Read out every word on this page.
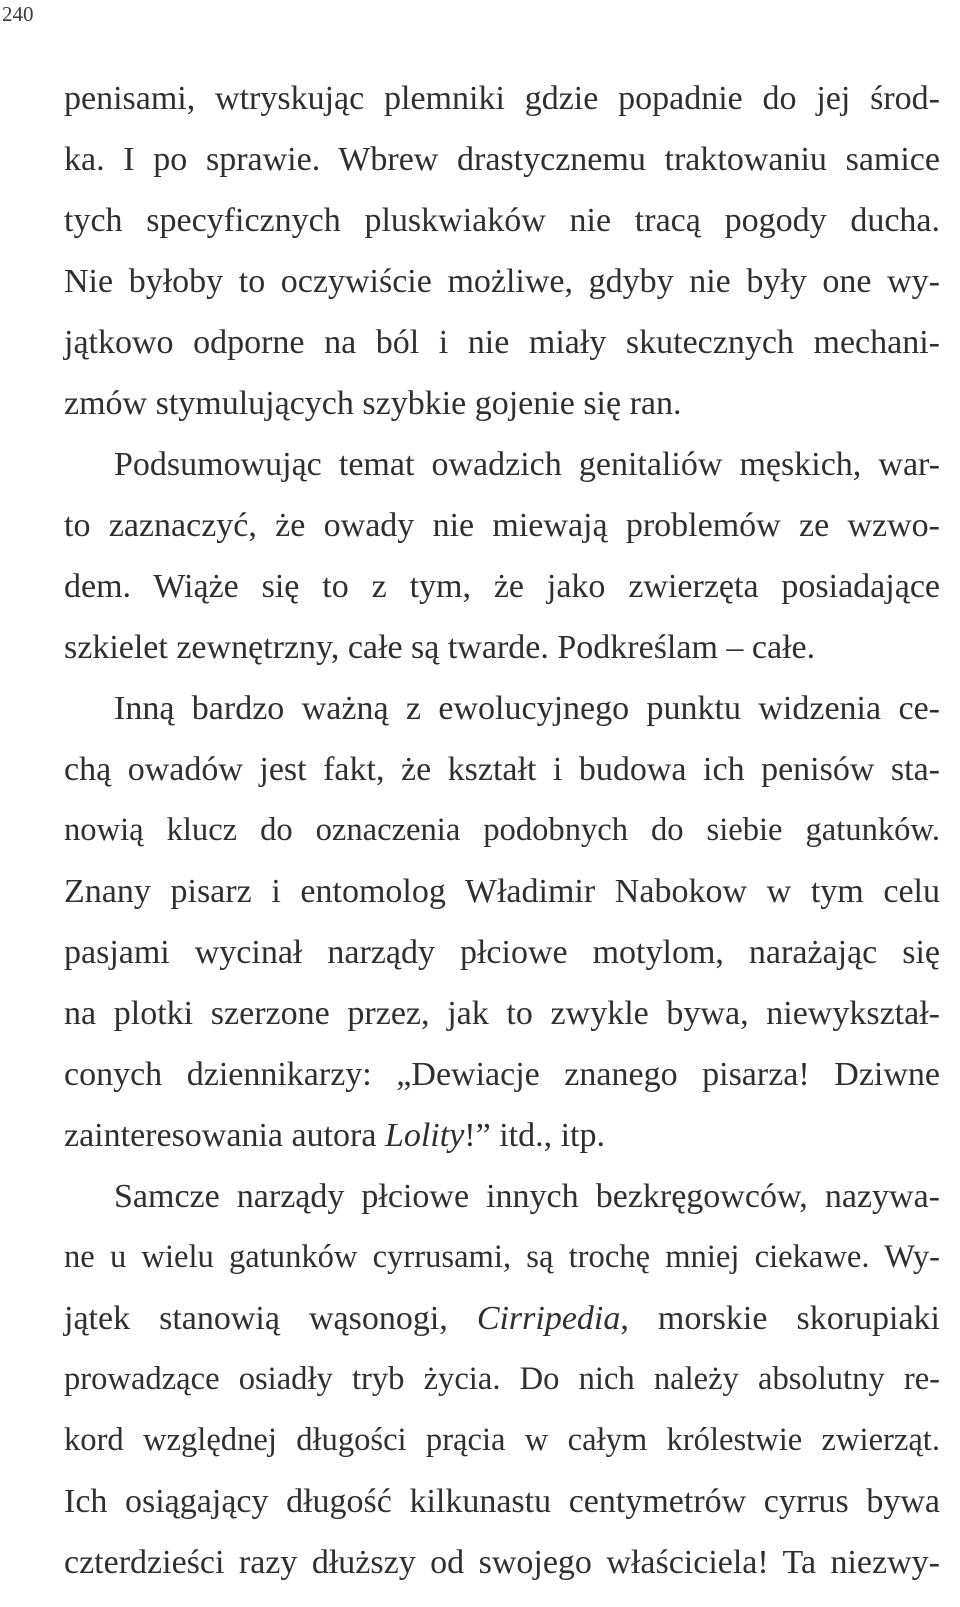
240
penisami, wtryskując plemniki gdzie popadnie do jej środ-
ka. I po sprawie. Wbrew drastycznemu traktowaniu samice
tych specyficznych pluskwiaków nie tracą pogody ducha.
Nie byłoby to oczywiście możliwe, gdyby nie były one wy-
jątkowo odporne na ból i nie miały skutecznych mechani-
zmów stymulujących szybkie gojenie się ran.
Podsumowując temat owadzich genitaliów męskich, war-
to zaznaczyć, że owady nie miewają problemów ze wzwo-
dem. Wiąże się to z tym, że jako zwierzęta posiadające
szkielet zewnętrzny, całe są twarde. Podkreślam – całe.
Inną bardzo ważną z ewolucyjnego punktu widzenia ce-
chą owadów jest fakt, że kształt i budowa ich penisów sta-
nowią klucz do oznaczenia podobnych do siebie gatunków.
Znany pisarz i entomolog Władimir Nabokow w tym celu
pasjami wycinał narządy płciowe motylom, narażając się
na plotki szerzone przez, jak to zwykle bywa, niewykształ-
conych dziennikarzy: „Dewiacje znanego pisarza! Dziwne
zainteresowania autora Lolity!” itd., itp.
Samcze narządy płciowe innych bezkręgowców, nazywa-
ne u wielu gatunków cyrrusami, są trochę mniej ciekawe. Wy-
jątek stanowią wąsonogi, Cirripedia, morskie skorupiaki
prowadzące osiadły tryb życia. Do nich należy absolutny re-
kord względnej długości prącia w całym królestwie zwierząt.
Ich osiągający długość kilkunastu centymetrów cyrrus bywa
czterdzieści razy dłuższy od swojego właściciela! Ta niezwy-
